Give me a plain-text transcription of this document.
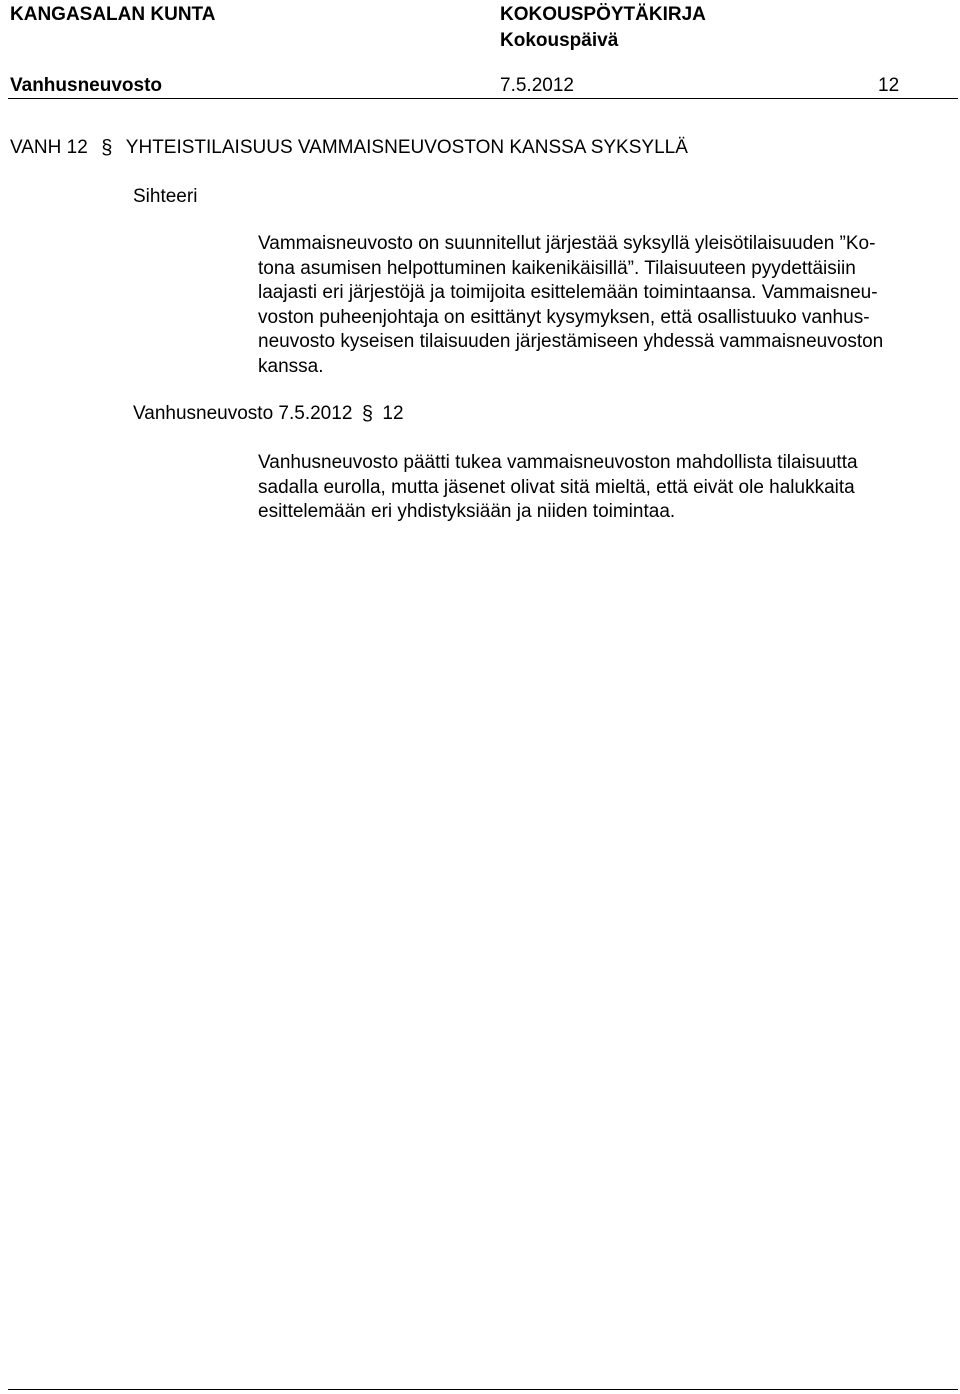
KANGASALAN KUNTA	KOKOUSPÖYTÄKIRJA
Kokouspäivä
Vanhusneuvosto	7.5.2012	12
VANH 12 § YHTEISTILAISUUS VAMMAISNEUVOSTON KANSSA SYKSYLLÄ
Sihteeri
Vammaisneuvosto on suunnitellut järjestää syksyllä yleisötilaisuuden ”Ko-
tona asumisen helpottuminen kaikenikäisillä”. Tilaisuuteen pyydettäisiin
laajasti eri järjestöjä ja toimijoita esittelemään toimintaansa. Vammaisneu-
voston puheenjohtaja on esittänyt kysymyksen, että osallistuuko vanhus-
neuvosto kyseisen tilaisuuden järjestämiseen yhdessä vammaisneuvoston
kanssa.
Vanhusneuvosto 7.5.2012 § 12
Vanhusneuvosto päätti tukea vammaisneuvoston mahdollista tilaisuutta
sadalla eurolla, mutta jäsenet olivat sitä mieltä, että eivät ole halukkaita
esittelemään eri yhdistyksiään ja niiden toimintaa.
